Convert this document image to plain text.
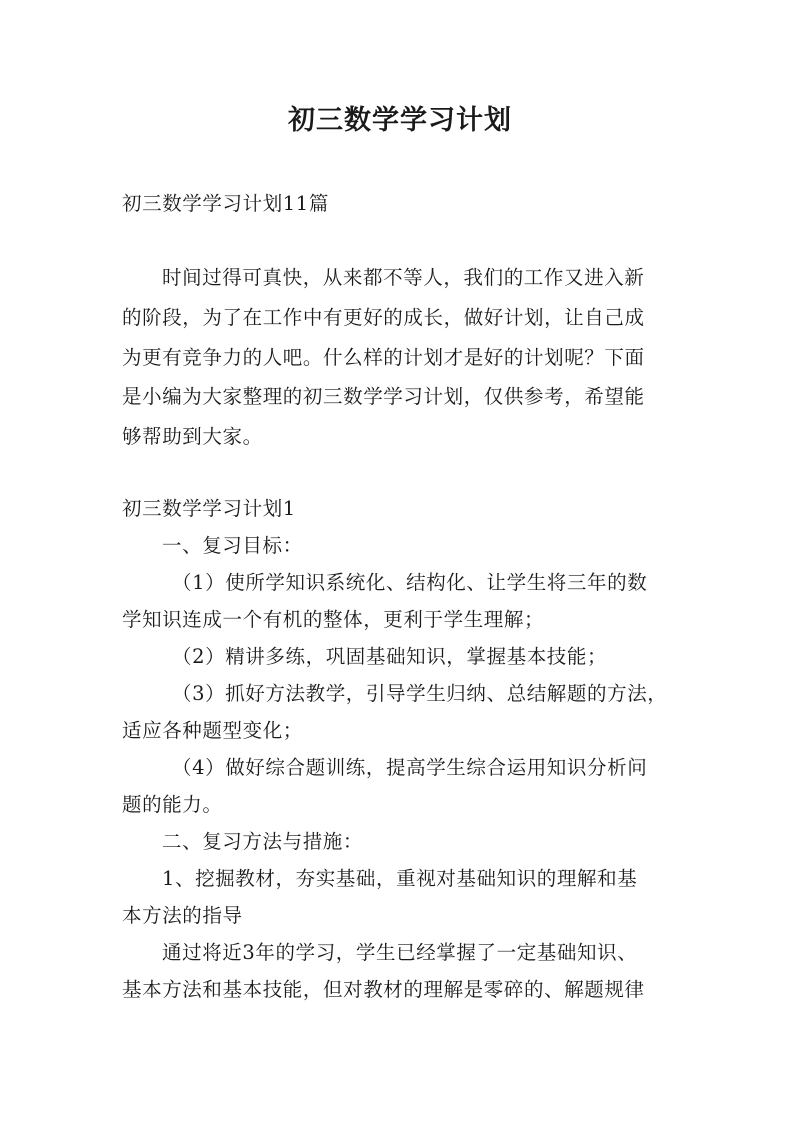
初三数学学习计划
初三数学学习计划11篇
时间过得可真快，从来都不等人，我们的工作又进入新
的阶段，为了在工作中有更好的成长，做好计划，让自己成
为更有竞争力的人吧。什么样的计划才是好的计划呢？下面
是小编为大家整理的初三数学学习计划，仅供参考，希望能
够帮助到大家。
初三数学学习计划1
一、复习目标：
（1）使所学知识系统化、结构化、让学生将三年的数
学知识连成一个有机的整体，更利于学生理解；
（2）精讲多练，巩固基础知识，掌握基本技能；
（3）抓好方法教学，引导学生归纳、总结解题的方法，
适应各种题型变化；
（4）做好综合题训练，提高学生综合运用知识分析问
题的能力。
二、复习方法与措施：
1、挖掘教材，夯实基础，重视对基础知识的理解和基
本方法的指导
通过将近3年的学习，学生已经掌握了一定基础知识、
基本方法和基本技能，但对教材的理解是零碎的、解题规律
